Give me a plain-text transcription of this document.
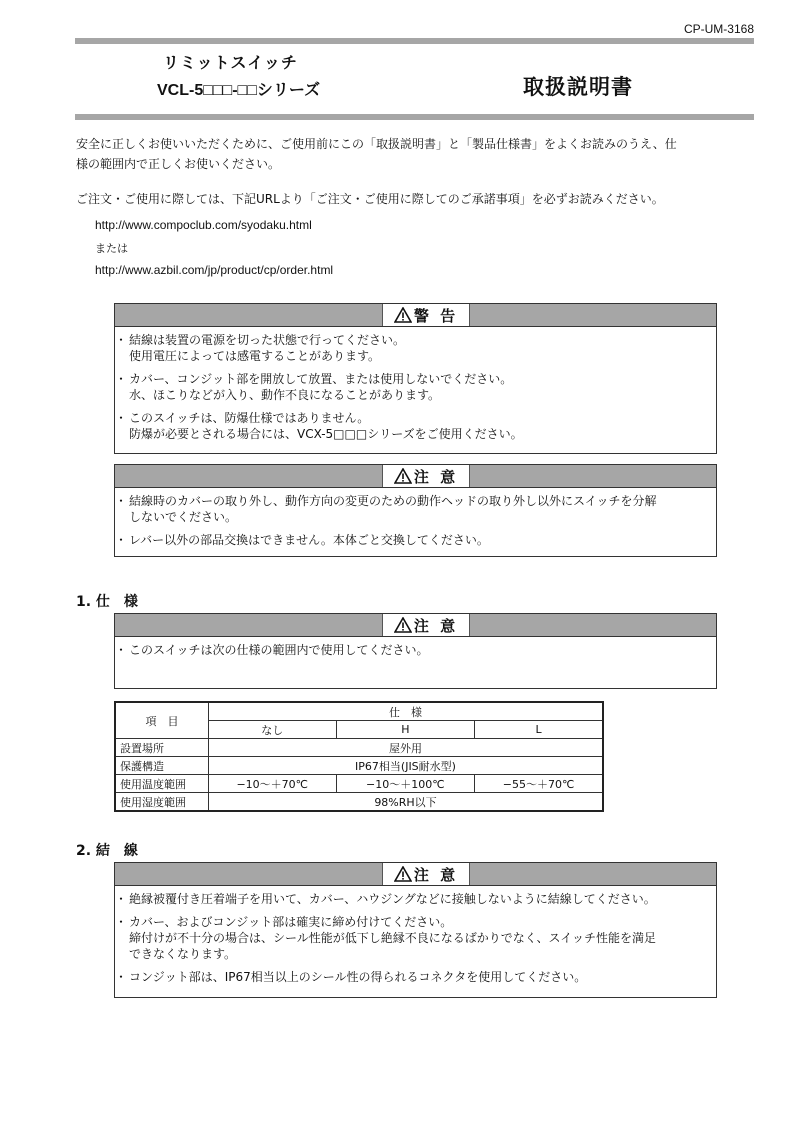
CP-UM-3168
リミットスイッチ
VCL-5□□□-□□シリーズ	取扱説明書
安全に正しくお使いいただくために、ご使用前にこの「取扱説明書」と「製品仕様書」をよくお読みのうえ、仕
様の範囲内で正しくお使いください。
ご注文・ご使用に際しては、下記URLより「ご注文・ご使用に際してのご承諾事項」を必ずお読みください。
http://www.compoclub.com/syodaku.html
または
http://www.azbil.com/jp/product/cp/order.html
警 告
・ 結線は装置の電源を切った状態で行ってください。
使用電圧によっては感電することがあります。
・ カバー、コンジット部を開放して放置、または使用しないでください。
水、ほこりなどが入り、動作不良になることがあります。
・ このスイッチは、防爆仕様ではありません。
防爆が必要とされる場合には、VCX-5□□□シリーズをご使用ください。
注 意
・ 結線時のカバーの取り外し、動作方向の変更のための動作ヘッドの取り外し以外にスイッチを分解
しないでください。
・ レバー以外の部品交換はできません。本体ごと交換してください。
1. 仕　様
注 意
・ このスイッチは次の仕様の範囲内で使用してください。
項　目	仕　様		
	なし	H	L
設置場所	屋外用		
保護構造	IP67相当(JIS耐水型)		
使用温度範囲	−10〜＋70℃	−10〜＋100℃	−55〜＋70℃
使用湿度範囲	98%RH以下		
2. 結　線
注 意
・ 絶縁被覆付き圧着端子を用いて、カバー、ハウジングなどに接触しないように結線してください。
・ カバー、およびコンジット部は確実に締め付けてください。
締付けが不十分の場合は、シール性能が低下し絶縁不良になるばかりでなく、スイッチ性能を満足
できなくなります。
・ コンジット部は、IP67相当以上のシール性の得られるコネクタを使用してください。
